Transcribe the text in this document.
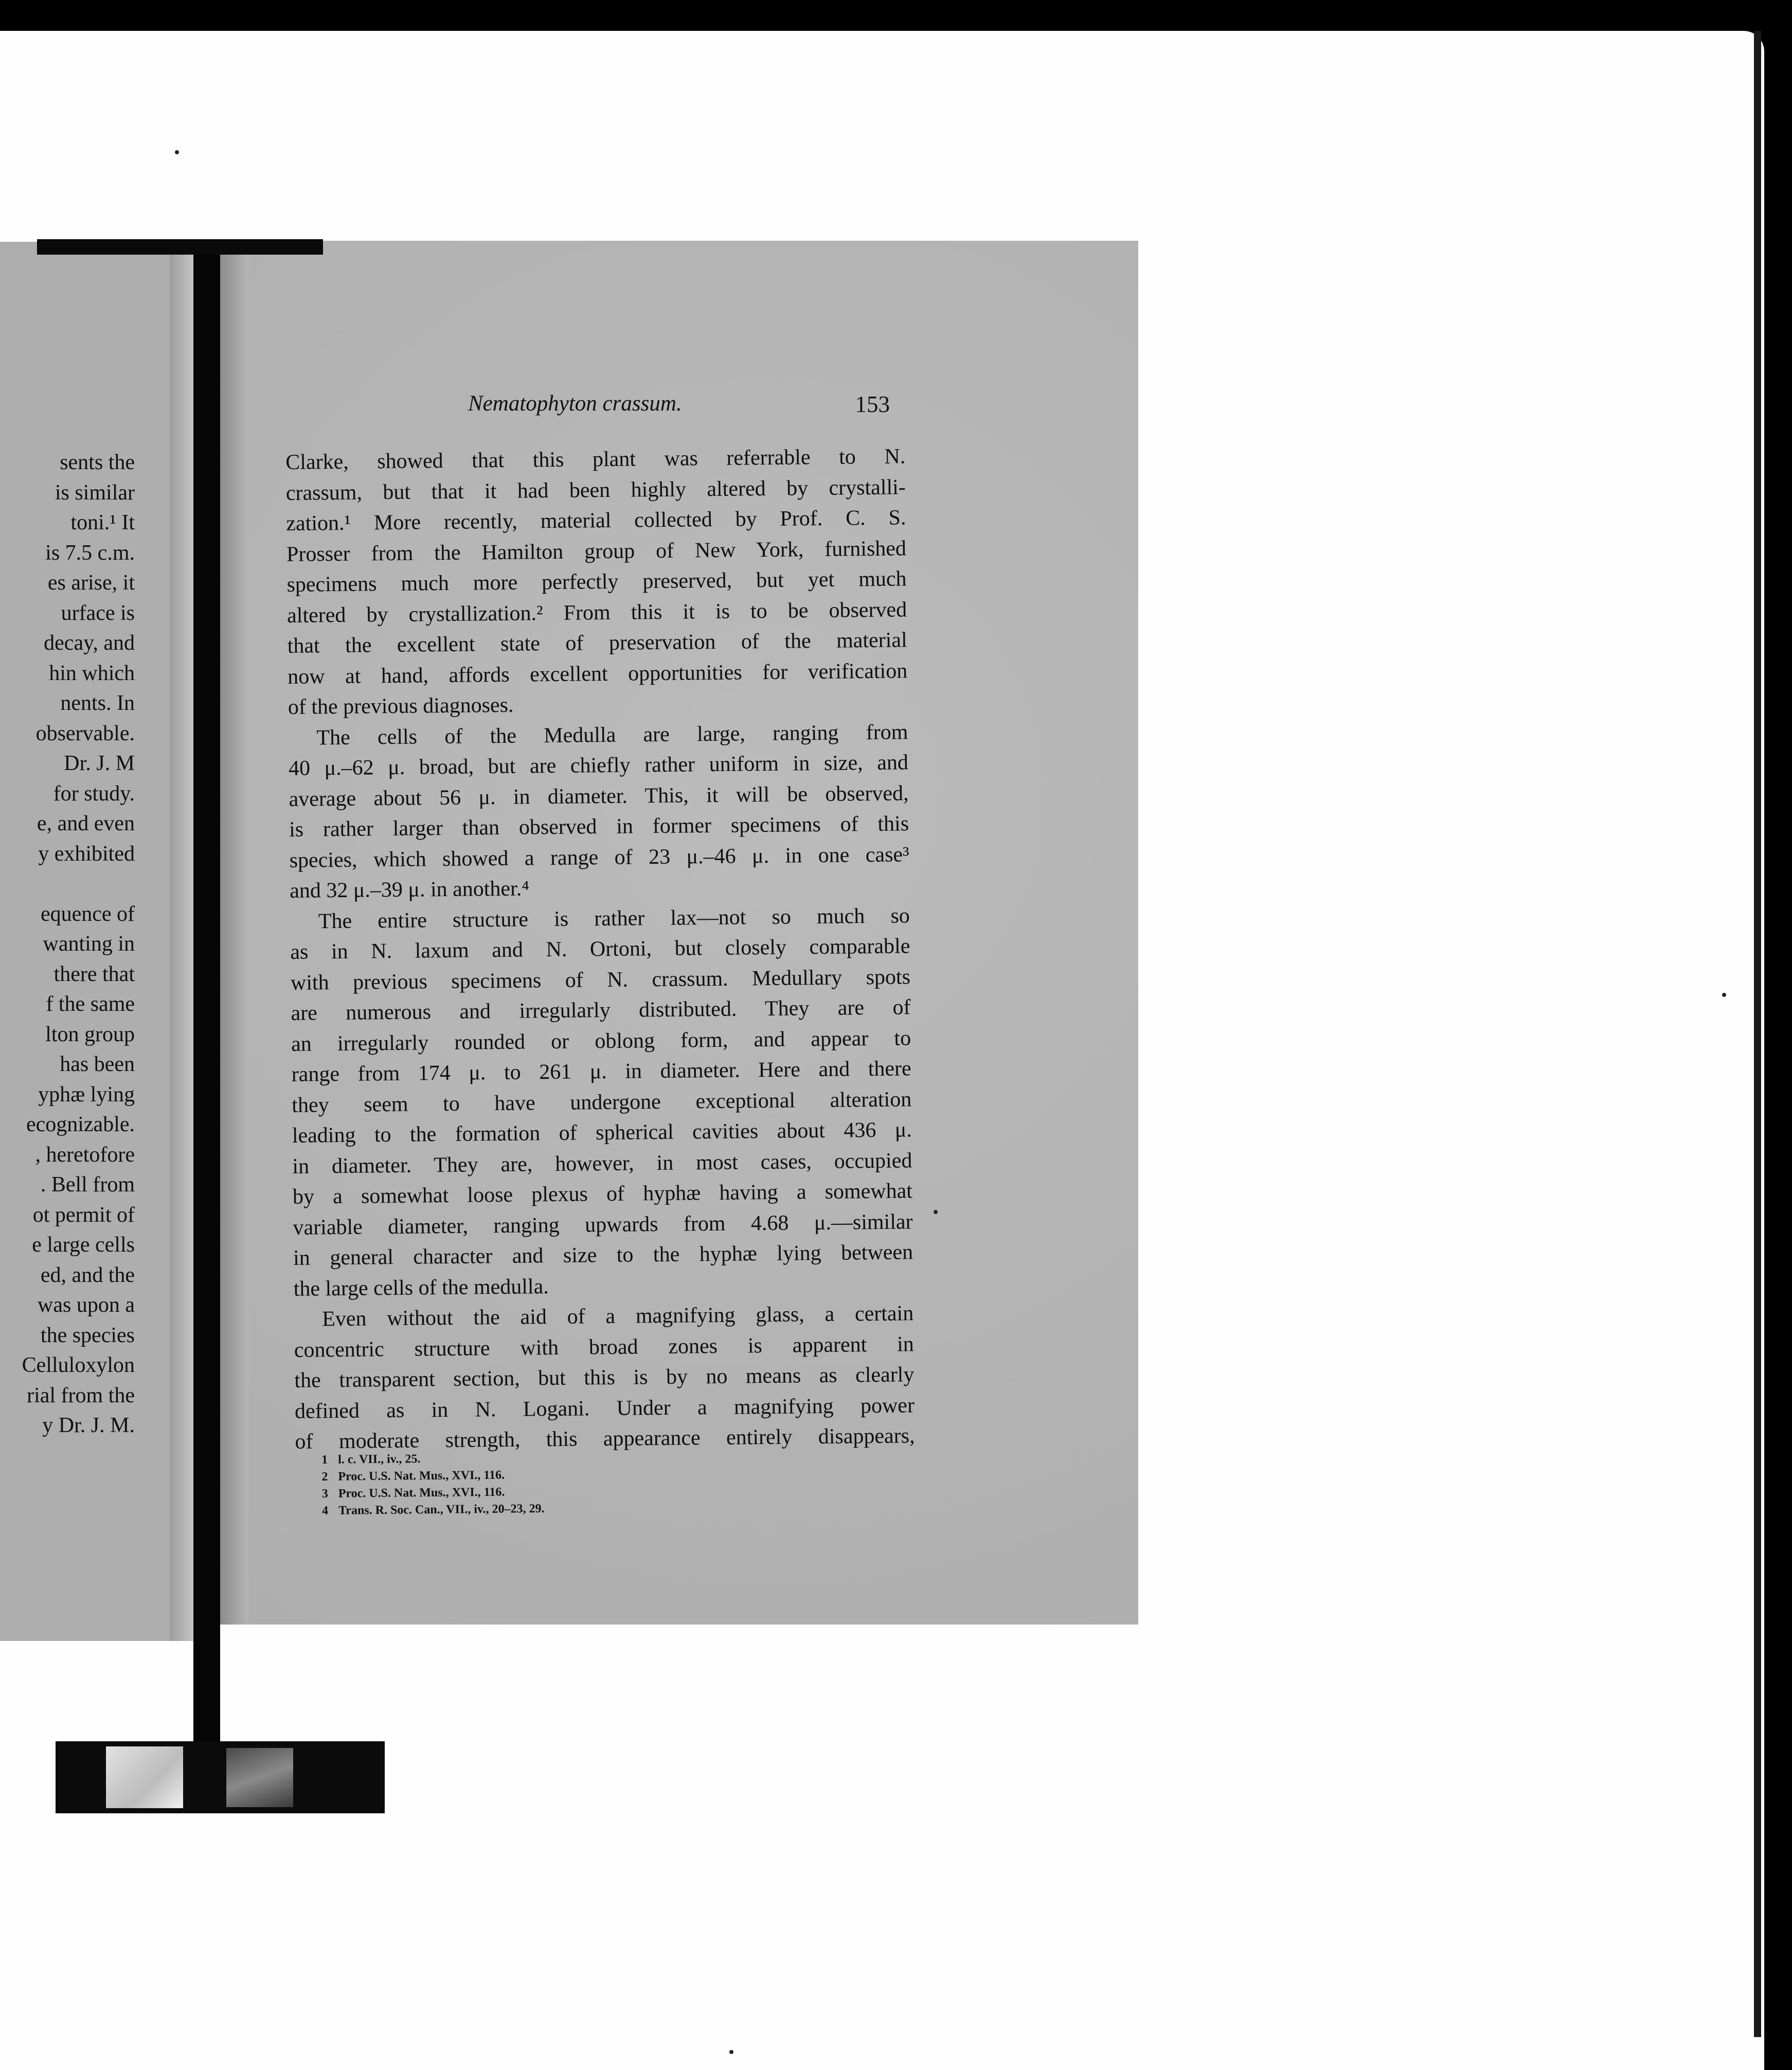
sents the
is similar
toni.¹ It
is 7.5 c.m.
es arise, it
urface is
decay, and
hin which
nents. In
observable.
Dr. J. M
for study.
e, and even
y exhibited

equence of
wanting in
there that
f the same
lton group
has been
yphæ lying
ecognizable.
, heretofore
. Bell from
ot permit of
e large cells
ed, and the
was upon a
the species
Celluloxylon
rial from the
y Dr. J. M.
Nematophyton crassum.	153
Clarke, showed that this plant was referrable to N.
crassum, but that it had been highly altered by crystalli-
zation.¹ More recently, material collected by Prof. C. S.
Prosser from the Hamilton group of New York, furnished
specimens much more perfectly preserved, but yet much
altered by crystallization.² From this it is to be observed
that the excellent state of preservation of the material
now at hand, affords excellent opportunities for verification
of the previous diagnoses.
The cells of the Medulla are large, ranging from
40 μ.–62 μ. broad, but are chiefly rather uniform in size, and
average about 56 μ. in diameter. This, it will be observed,
is rather larger than observed in former specimens of this
species, which showed a range of 23 μ.–46 μ. in one case³
and 32 μ.–39 μ. in another.⁴
The entire structure is rather lax—not so much so
as in N. laxum and N. Ortoni, but closely comparable
with previous specimens of N. crassum. Medullary spots
are numerous and irregularly distributed. They are of
an irregularly rounded or oblong form, and appear to
range from 174 μ. to 261 μ. in diameter. Here and there
they seem to have undergone exceptional alteration
leading to the formation of spherical cavities about 436 μ.
in diameter. They are, however, in most cases, occupied
by a somewhat loose plexus of hyphæ having a somewhat
variable diameter, ranging upwards from 4.68 μ.—similar
in general character and size to the hyphæ lying between
the large cells of the medulla.
Even without the aid of a magnifying glass, a certain
concentric structure with broad zones is apparent in
the transparent section, but this is by no means as clearly
defined as in N. Logani. Under a magnifying power
of moderate strength, this appearance entirely disappears,
1 l. c. VII., iv., 25.
2 Proc. U.S. Nat. Mus., XVI., 116.
3 Proc. U.S. Nat. Mus., XVI., 116.
4 Trans. R. Soc. Can., VII., iv., 20–23, 29.
